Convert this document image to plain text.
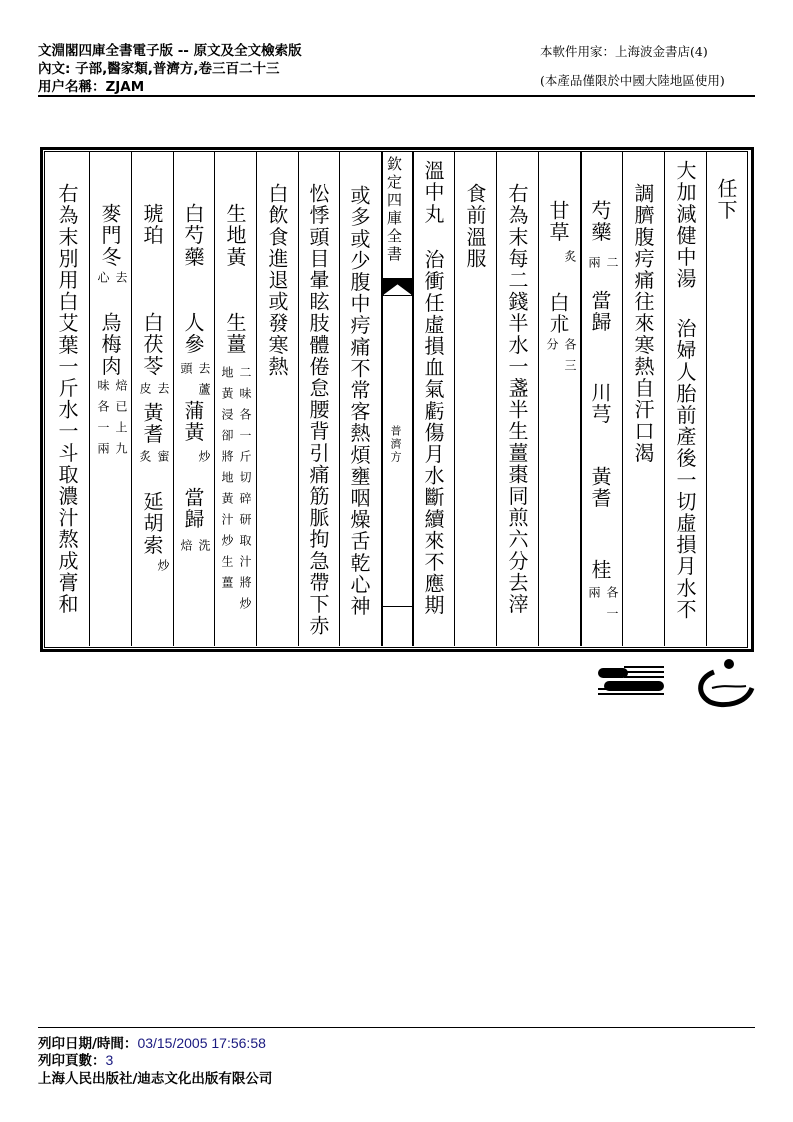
文淵閣四庫全書電子版 -- 原文及全文檢索版
內文: 子部,醫家類,普濟方,卷三百二十三
用户名稱：ZJAM
本軟件用家：上海波金書店(4)
(本產品僅限於中國大陸地區使用)
欽定四庫全書
普濟方
任下
大加減健中湯
治婦人胎前產後一切虛損月水不
調臍腹疞痛往來寒熱自汗口渴
芍藥
二
兩
當歸
川芎
黃耆
桂
各一
兩
甘草
炙
白朮
各三
分
右為末每二錢半水一盞半生薑棗同煎六分去滓
食前溫服
溫中丸
治衝任虛損血氣虧傷月水斷續來不應期
或多或少腹中疞痛不常客熱煩壅咽燥舌乾心神
忪悸頭目暈眩肢體倦怠腰背引痛筋脈拘急帶下赤
白飲食進退或發寒熱
生地黃
生薑
二味各一斤切碎研取汁將炒
地黃浸卻將地黃汁炒生薑
白芍藥
人參
去蘆
頭
蒲黃
炒
當歸
洗
焙
琥珀
白茯苓
去
皮
黃耆
蜜
炙
延胡索
炒
麥門冬
去
心
烏梅肉
焙已上九
味各一兩
右為末別用白艾葉一斤水一斗取濃汁熬成膏和
列印日期/時間：03/15/2005 17:56:58
列印頁數：3
上海人民出版社/迪志文化出版有限公司
